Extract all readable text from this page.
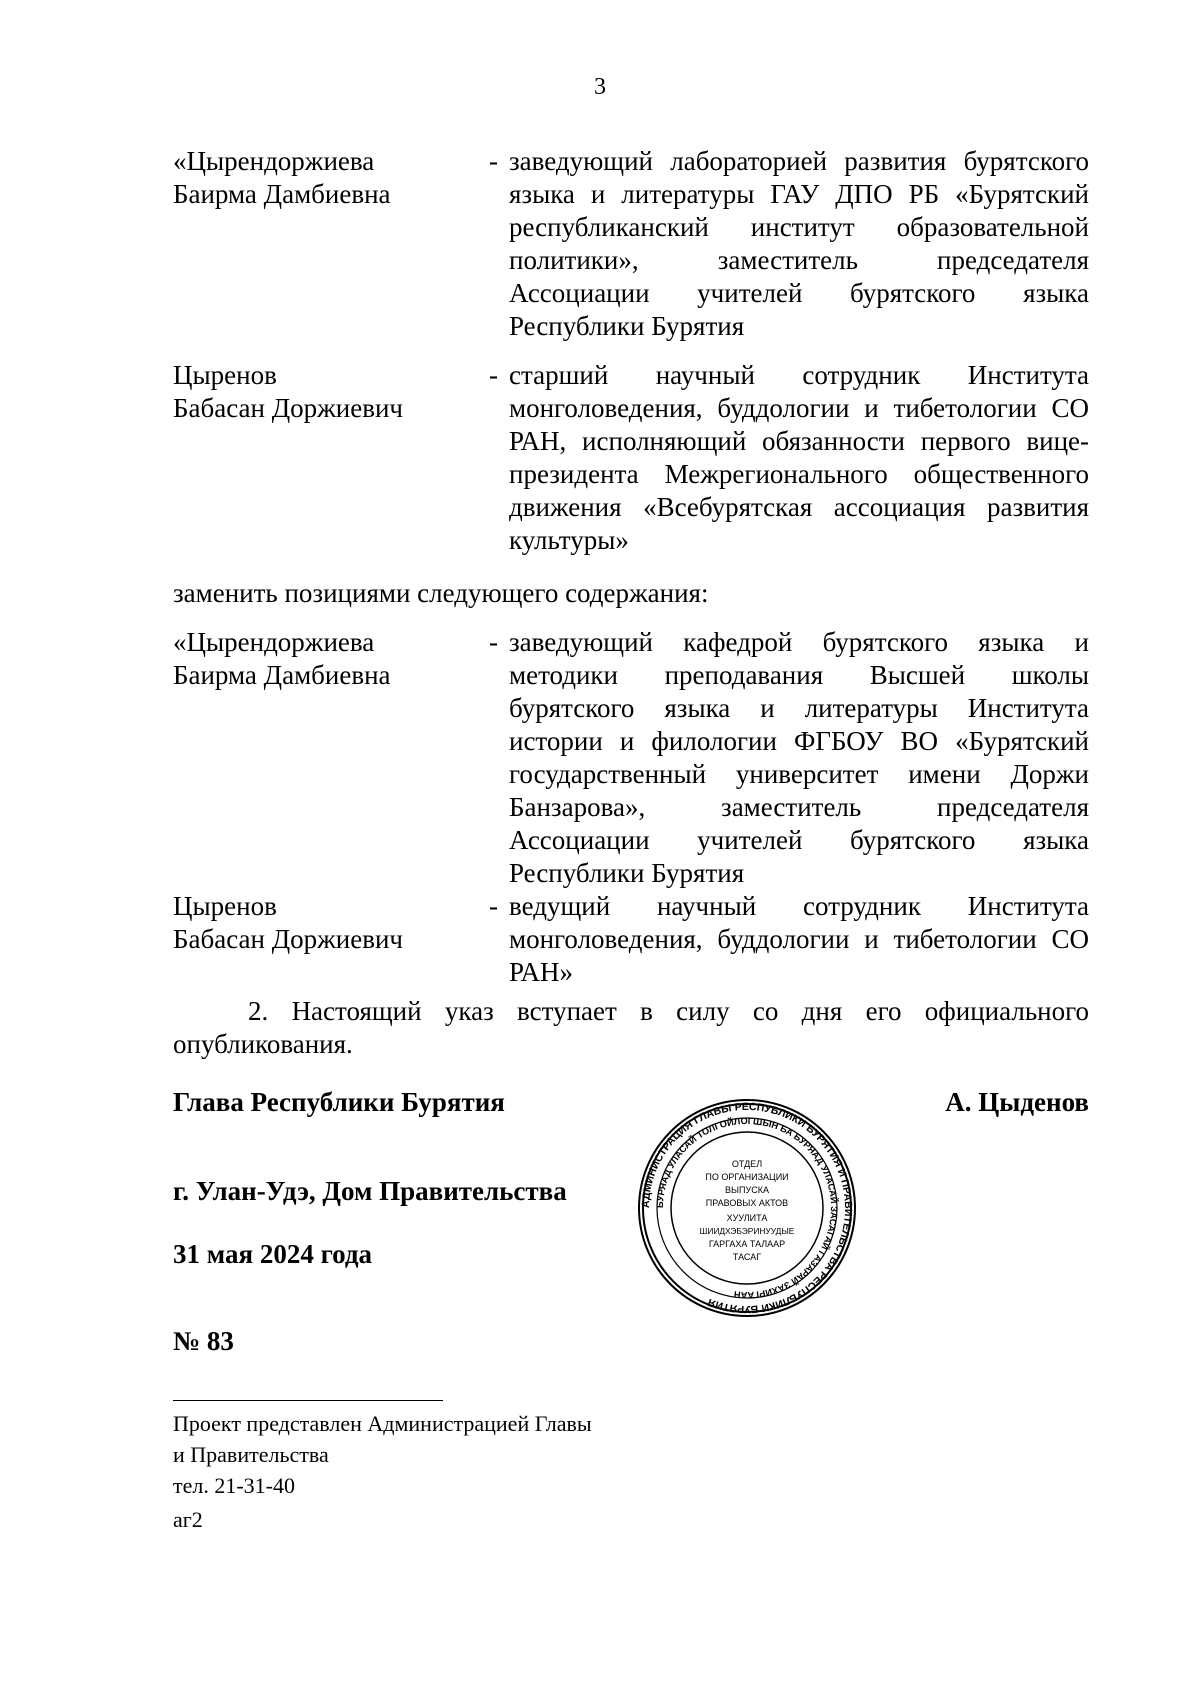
3
«Цырендоржиева
Баирма Дамбиевна
- заведующий лабораторией развития бурятского языка и литературы ГАУ ДПО РБ «Бурятский республиканский институт образовательной политики», заместитель председателя Ассоциации учителей бурятского языка Республики Бурятия
Цыренов
Бабасан Доржиевич
- старший научный сотрудник Института монголоведения, буддологии и тибетологии СО РАН, исполняющий обязанности первого вице-президента Межрегионального общественного движения «Всебурятская ассоциация развития культуры»
заменить позициями следующего содержания:
«Цырендоржиева
Баирма Дамбиевна
- заведующий кафедрой бурятского языка и методики преподавания Высшей школы бурятского языка и литературы Института истории и филологии ФГБОУ ВО «Бурятский государственный университет имени Доржи Банзарова», заместитель председателя Ассоциации учителей бурятского языка Республики Бурятия
Цыренов
Бабасан Доржиевич
- ведущий научный сотрудник Института монголоведения, буддологии и тибетологии СО РАН»
2. Настоящий указ вступает в силу со дня его официального опубликования.
Глава Республики Бурятия	А. Цыденов
АДМИНИСТРАЦИЯ ГЛАВЫ РЕСПУБЛИКИ БУРЯТИЯ И ПРАВИТЕЛЬСТВА РЕСПУБЛИКИ БУРЯТИЯ
БУРЯАД УЛАСАЙ ТОЛГОЙЛОГШЫН БА БУРЯАД УЛАСАЙ ЗАСАГАЙ ГАЗАРАЙ ЗАХИРГААН
ОТДЕЛ
ПО ОРГАНИЗАЦИИ
ВЫПУСКА
ПРАВОВЫХ АКТОВ
ХУУЛИТА
ШИИДХЭБЭРИНУУДЫЕ
ГАРГАХА ТАЛААР
ТАСАГ
г. Улан-Удэ, Дом Правительства
31 мая 2024 года
№ 83
Проект представлен Администрацией Главы
и Правительства
тел. 21-31-40
аг2
